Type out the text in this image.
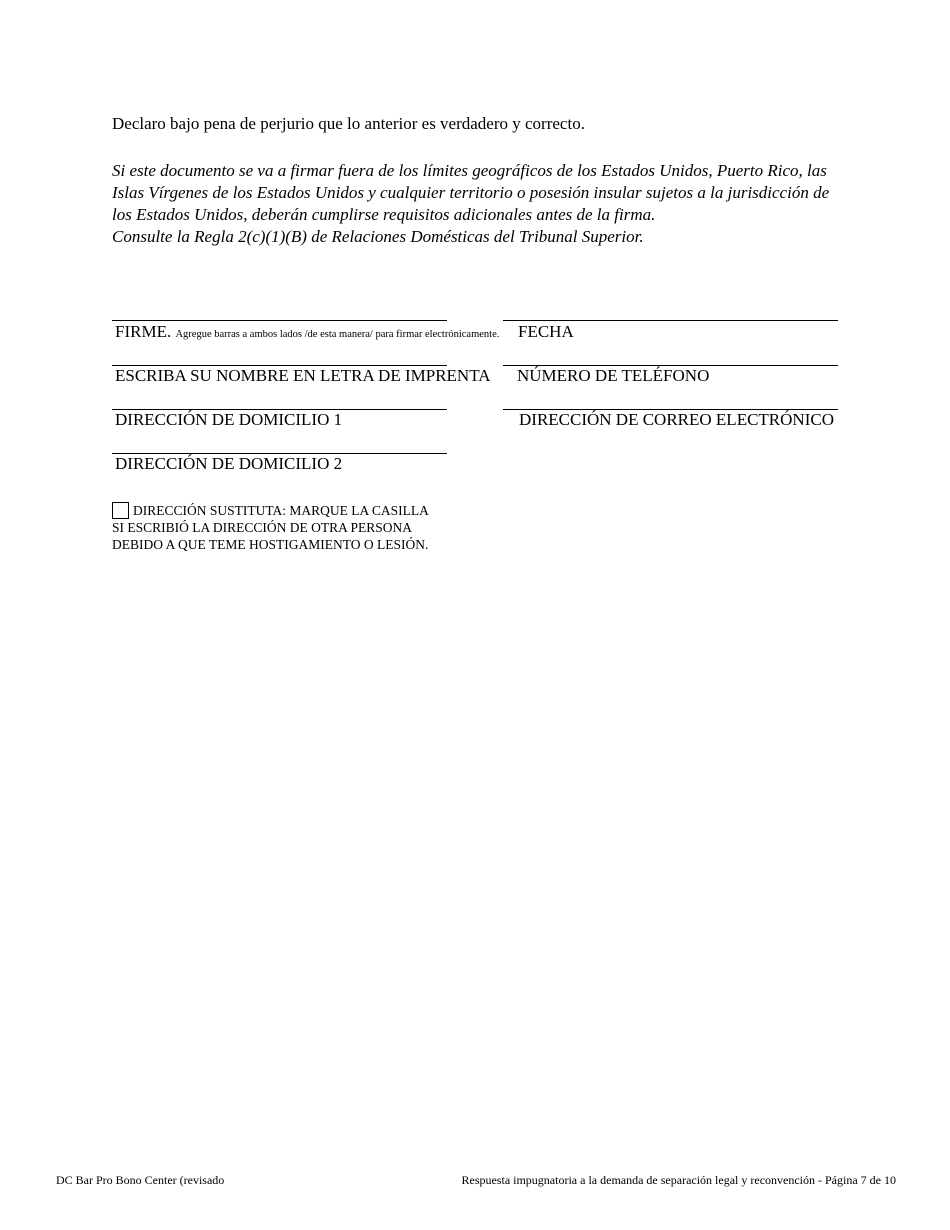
Declaro bajo pena de perjurio que lo anterior es verdadero y correcto.

Si este documento se va a firmar fuera de los límites geográficos de los Estados Unidos, Puerto Rico, las Islas Vírgenes de los Estados Unidos y cualquier territorio o posesión insular sujetos a la jurisdicción de los Estados Unidos, deberán cumplirse requisitos adicionales antes de la firma.

Consulte la Regla 2(c)(1)(B) de Relaciones Domésticas del Tribunal Superior.

FIRME. Agregue barras a ambos lados /de esta manera/ para firmar electrónicamente. FECHA
ESCRIBA SU NOMBRE EN LETRA DE IMPRENTA NÚMERO DE TELÉFONO
DIRECCIÓN DE DOMICILIO 1	DIRECCIÓN DE CORREO ELECTRÓNICO
DIRECCIÓN DE DOMICILIO 2
DIRECCIÓN SUSTITUTA: MARQUE LA CASILLA SI ESCRIBIÓ LA DIRECCIÓN DE OTRA PERSONA DEBIDO A QUE TEME HOSTIGAMIENTO O LESIÓN.
DC Bar Pro Bono Center (revisado	Respuesta impugnatoria a la demanda de separación legal y reconvención - Página 7 de 10
